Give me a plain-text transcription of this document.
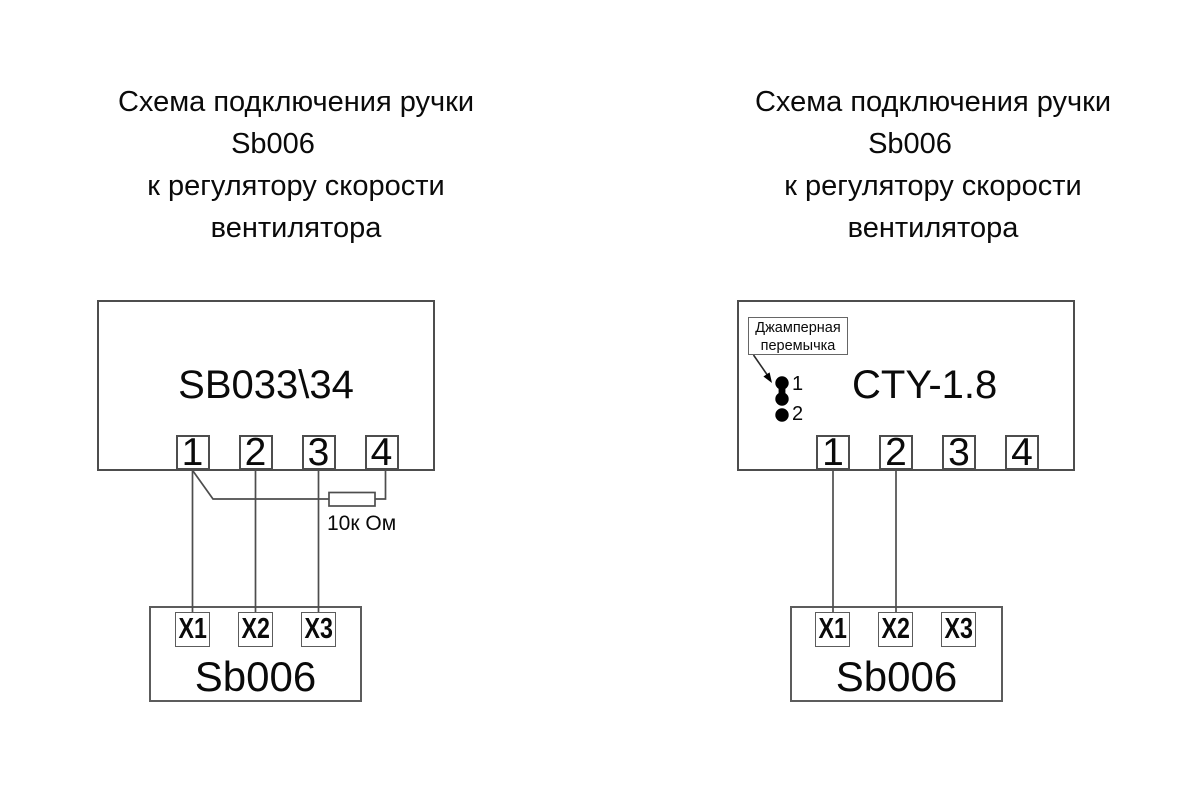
Схема подключения ручки
Sb006
к регулятору скорости
вентилятора
SB033\34
1 2 3 4
10к Ом
Sb006
X1 X2 X3
Схема подключения ручки
Sb006
к регулятору скорости
вентилятора
CTY-1.8
Джамперная
перемычка
1
2
1 2 3 4
Sb006
X1 X2 X3
